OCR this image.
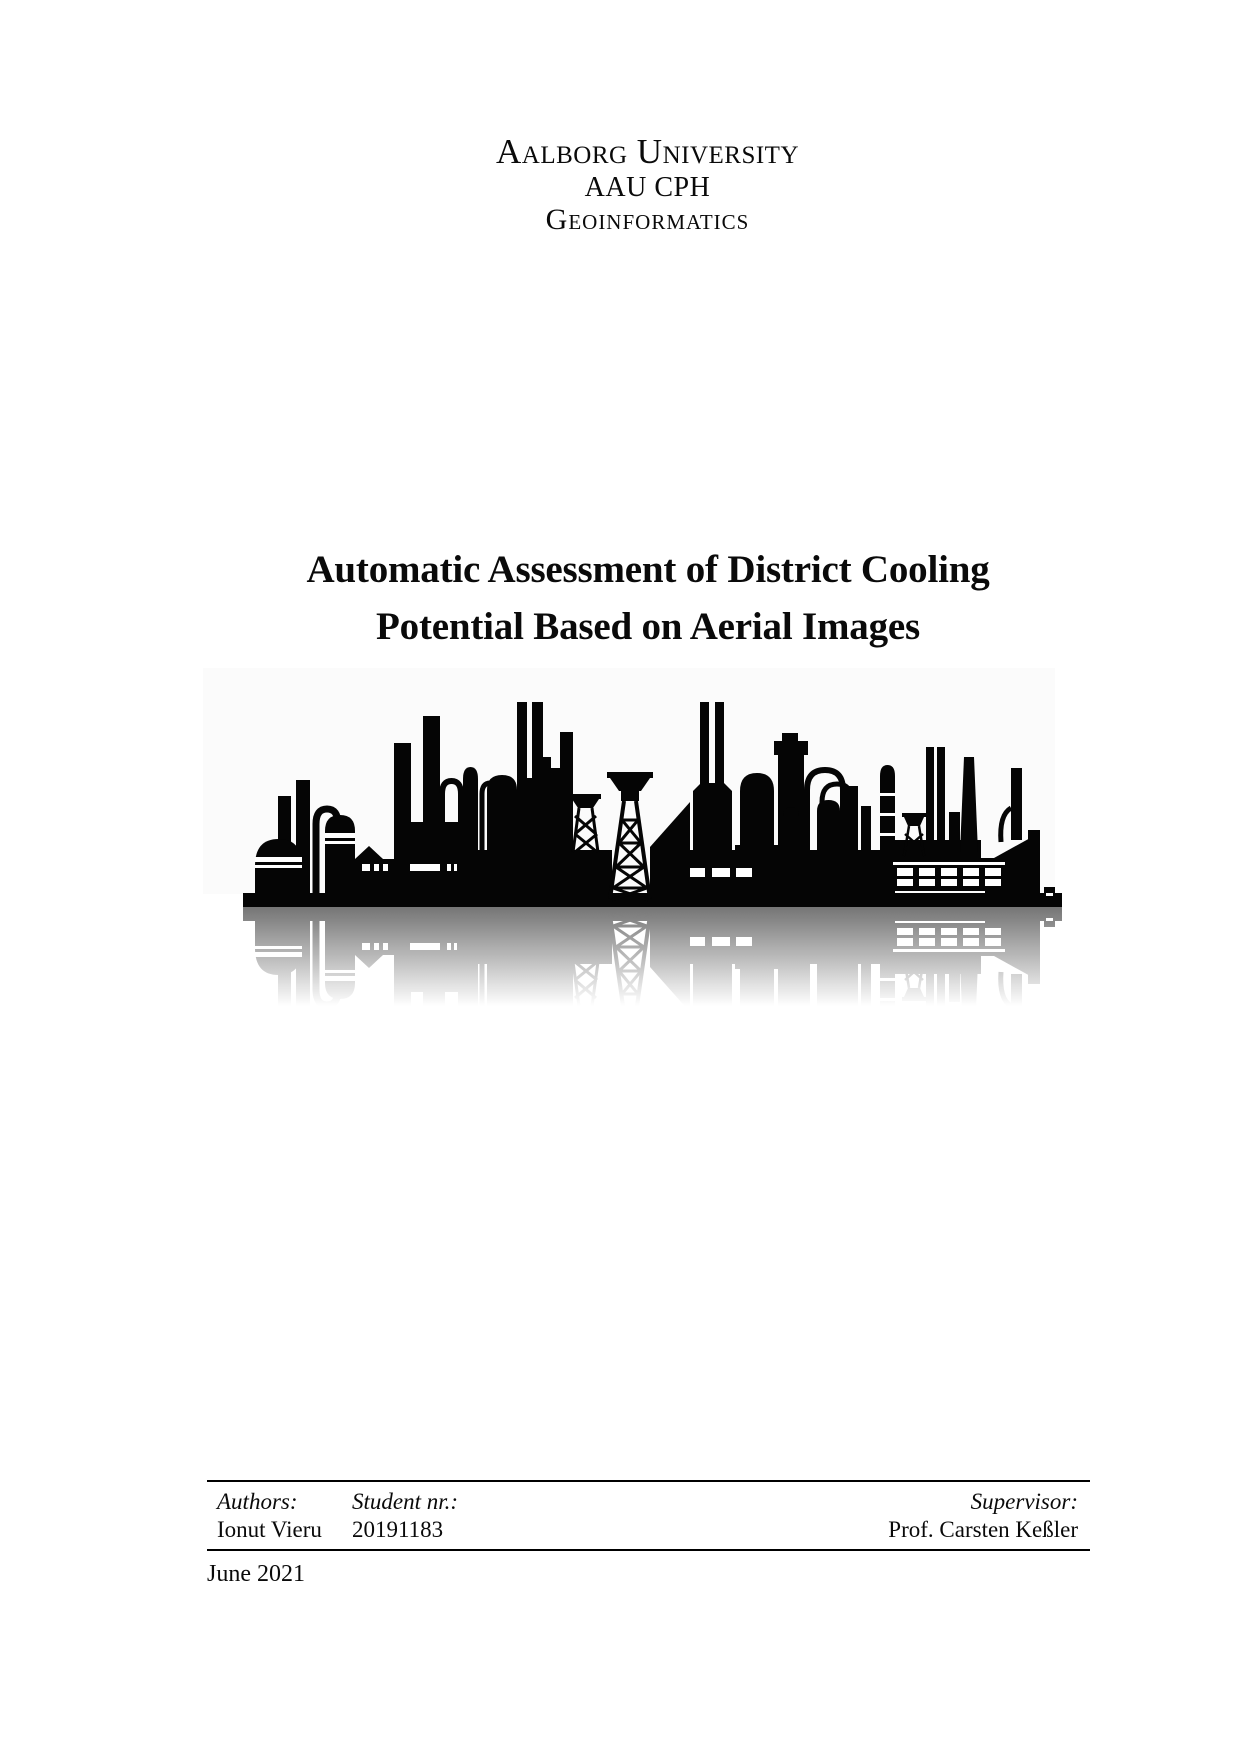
Aalborg University
AAU CPH
Geoinformatics
Automatic Assessment of District Cooling
Potential Based on Aerial Images
Authors:	Student nr.:	Supervisor:
Ionut Vieru	20191183	Prof. Carsten Keßler
June 2021
